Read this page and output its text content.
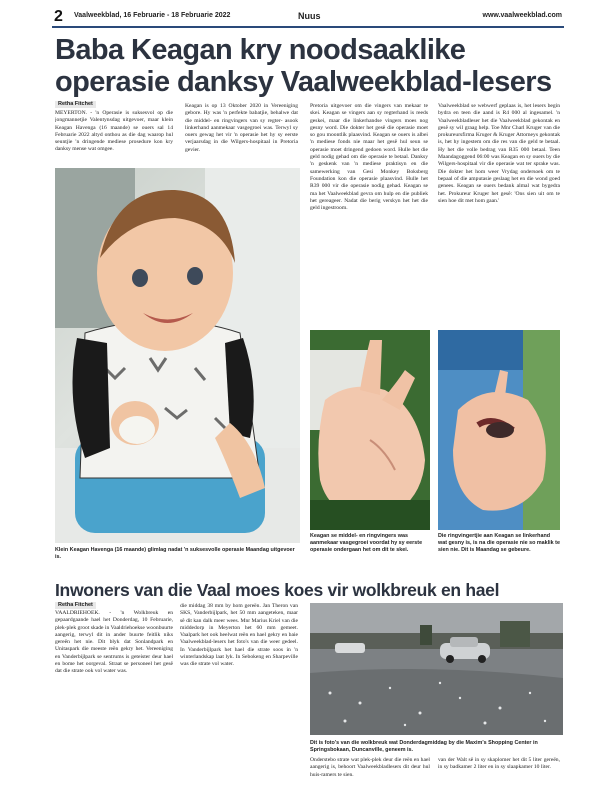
2 Vaalweekblad, 16 Februarie - 18 Februarie 2022	Nuus	www.vaalweekblad.com
Baba Keagan kry noodsaaklike
operasie danksy Vaalweekblad-lesers
Retha Fitchet

MEYERTON. - 'n Operasie is suksesvol op die jongmannetjie Valentynsdag uitgevoer, maar klein Keagan Havenga (16 maande) se ouers sal 14 Februarie 2022 altyd onthou as die dag waarop hul seuntjie 'n dringende mediese prosedure kon kry danksy mense wat omgee.

Keagan is op 13 Oktober 2020 in Vereeniging gebore. Hy was 'n perfekte babatjie, behalwe dat die middel- en ringvingers van sy regter- asook linkerhand aanmekaar vasgegroei was. Terwyl sy ouers gewag het vir 'n operasie het hy sy eerste verjaarsdag in die Wilgers-hospitaal in Pretoria gevier.

Pretoria uitgevoer om die vingers van mekaar te skei. Keagan se vingers aan sy regterhand is reeds geskei, maar die linkerhandse vingers moes nog gesny word. Die dokter het gesê die operasie moet so gou moontlik plaasvind. Keagan se ouers is albei 'n mediese fonds nie maar het gesê hul seun se operasie moet dringend gedoen word. Hulle het die geld nodig gehad om die operasie te betaal. Danksy 'n geskenk van 'n mediese praktisyn en die samewerking van Gesi Monkey Boksberg Foundation kon die operasie plaasvind. Hulle het R39 000 vir die operasie nodig gehad. Keagan se ma het Vaalweekblad gevra om hulp en die publiek het gereageer. Nadat die berig verskyn het het die geld ingestroom.

Vaalweekblad se webwerf geplaas is, het lesers begin bydra en teen die aand is R4 000 al ingesamel. 'n Vaalweekbladleser het die Vaalweekblad gekontak en gesê sy wil graag help. Toe Mnr Charl Kruger van die prokureursfirma Kruger & Kruger Attorneys gekontak is, het hy ingestem om die res van die geld te betaal. Hy het die volle bedrag van R35 000 betaal. Teen Maandagoggend 06:00 was Keagan en sy ouers by die Wilgers-hospitaal vir die operasie wat ter sprake was. Die dokter het hom weer Vrydag ondersoek om te bepaal of die amputasie geslaag het en die wond goed genees. Keagan se ouers bedank almal wat bygedra het. Prokureur Kruger het gesê: 'Ons sien uit om te sien hoe dit met hom gaan.'

Klein Keagan Havenga (16 maande) glimlag nadat 'n suksesvolle operasie Maandag uitgevoer is.
Keagan se middel- en ringvingers was aanmekaar vasgegroei voordat hy sy eerste operasie ondergaan het om dit te skei.
Die ringvingertjie aan Keagan se linkerhand wat gesny is, is na die operasie nie so maklik te sien nie. Dit is Maandag se gebeure.
Inwoners van die Vaal moes koes vir wolkbreuk en hael
Retha Fitchet

VAALDRIEHOEK. - 'n Wolkbreuk en gepaardgaande hael het Donderdag, 10 Februarie, plek-plek groot skade in Vaaldriehoekse woonbuurte aangerig, terwyl dit in ander buurte feitlik niks gereën het nie. Dit blyk dat Sonlandpark en Unitaspark die meeste reën gekry het. Vereeniging en Vanderbijlpark se sentrums is geteister deur hael en bome het oorgeval. Straat se personeel het gesê dat die strate ook vol water was.

die middag 38 mm by hom gereën. Jan Theron van SKS, Vanderbijlpark, het 50 mm aangeteken, maar sê dit kan dalk meer wees. Mnr Marius Kriel van die middedorp in Meyerton het 60 mm gemeet. Vaalpark het ook heelwat reën en hael gekry en baie Vaalweekblad-lesers het foto's van die weer gedeel. In Vanderbijlpark het hael die strate soos in 'n winterlandskap laat lyk. In Sebokeng en Sharpeville was die strate vol water.

Dit is foto's van die wolkbreuk wat Donderdagmiddag by die Maxim's Shopping Center in Springsbokaan, Duncanville, geneem is.

Onderstebo strate wat plek-plek deur die reën en hael aangerig is, behoort Vaalweekbladlesers dit deur hul huis-ramers te sien.

van der Walt sê in sy skaplomer het dit 5 liter gereën, in sy badkamer 2 liter en in sy slaapkamer 10 liter.
